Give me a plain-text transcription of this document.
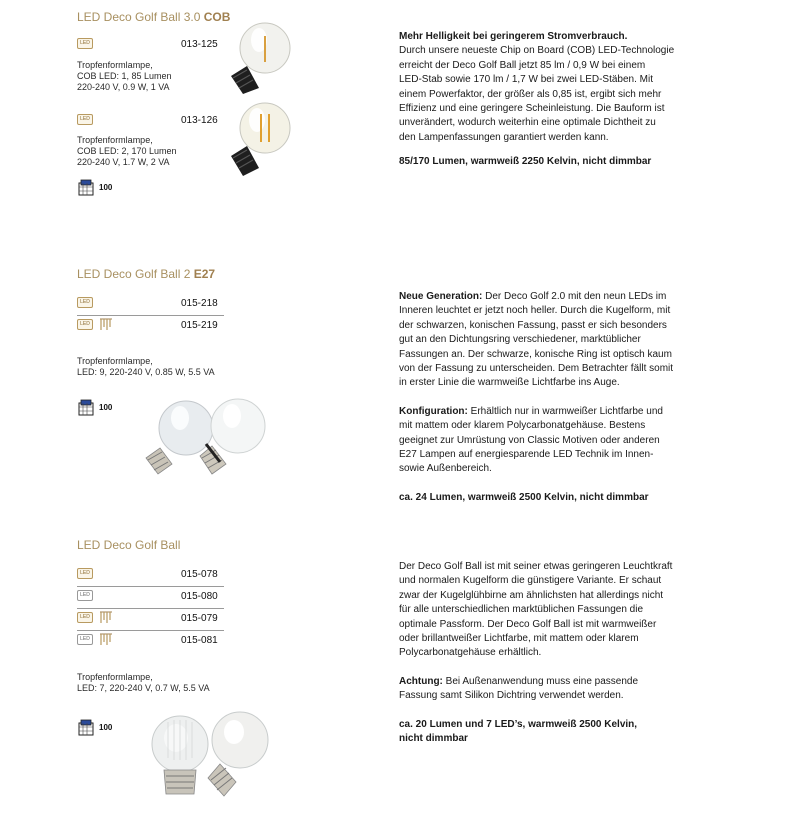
LED Deco Golf Ball 3.0 COB
LED	013-125
Tropfenformlampe,
COB LED: 1, 85 Lumen
220-240 V, 0.9 W, 1 VA
LED	013-126
Tropfenformlampe,
COB LED: 2, 170 Lumen
220-240 V, 1.7 W, 2 VA
100
Mehr Helligkeit bei geringerem Stromverbrauch.
Durch unsere neueste Chip on Board (COB) LED-Technologie
erreicht der Deco Golf Ball jetzt 85 lm / 0,9 W bei einem
LED-Stab sowie 170 lm / 1,7 W bei zwei LED-Stäben. Mit
einem Powerfaktor, der größer als 0,85 ist, ergibt sich mehr
Effizienz und eine geringere Scheinleistung. Die Bauform ist
unverändert, wodurch weiterhin eine optimale Dichtheit zu
den Lampenfassungen garantiert werden kann.
85/170 Lumen, warmweiß 2250 Kelvin, nicht dimmbar
LED Deco Golf Ball 2 E27
LED	015-218
LED	015-219
Tropfenformlampe,
LED: 9, 220-240 V, 0.85 W, 5.5 VA
100
Neue Generation: Der Deco Golf 2.0 mit den neun LEDs im
Inneren leuchtet er jetzt noch heller. Durch die Kugelform, mit
der schwarzen, konischen Fassung, passt er sich besonders
gut an den Dichtungsring verschiedener, marktüblicher
Fassungen an. Der schwarze, konische Ring ist optisch kaum
von der Fassung zu unterscheiden. Dem Betrachter fällt somit
in erster Linie die warmweiße Lichtfarbe ins Auge.
Konfiguration: Erhältlich nur in warmweißer Lichtfarbe und
mit mattem oder klarem Polycarbonatgehäuse. Bestens
geeignet zur Umrüstung von Classic Motiven oder anderen
E27 Lampen auf energiesparende LED Technik im Innen-
sowie Außenbereich.
ca. 24 Lumen, warmweiß 2500 Kelvin, nicht dimmbar
LED Deco Golf Ball
LED	015-078
LED	015-080
LED	015-079
LED	015-081
Tropfenformlampe,
LED: 7, 220-240 V, 0.7 W, 5.5 VA
100
Der Deco Golf Ball ist mit seiner etwas geringeren Leuchtkraft
und normalen Kugelform die günstigere Variante. Er schaut
zwar der Kugelglühbirne am ähnlichsten hat allerdings nicht
für alle unterschiedlichen marktüblichen Fassungen die
optimale Passform. Der Deco Golf Ball ist mit warmweißer
oder brillantweißer Lichtfarbe, mit mattem oder klarem
Polycarbonatgehäuse erhältlich.
Achtung: Bei Außenanwendung muss eine passende
Fassung samt Silikon Dichtring verwendet werden.
ca. 20 Lumen und 7 LED’s, warmweiß 2500 Kelvin,
nicht dimmbar
